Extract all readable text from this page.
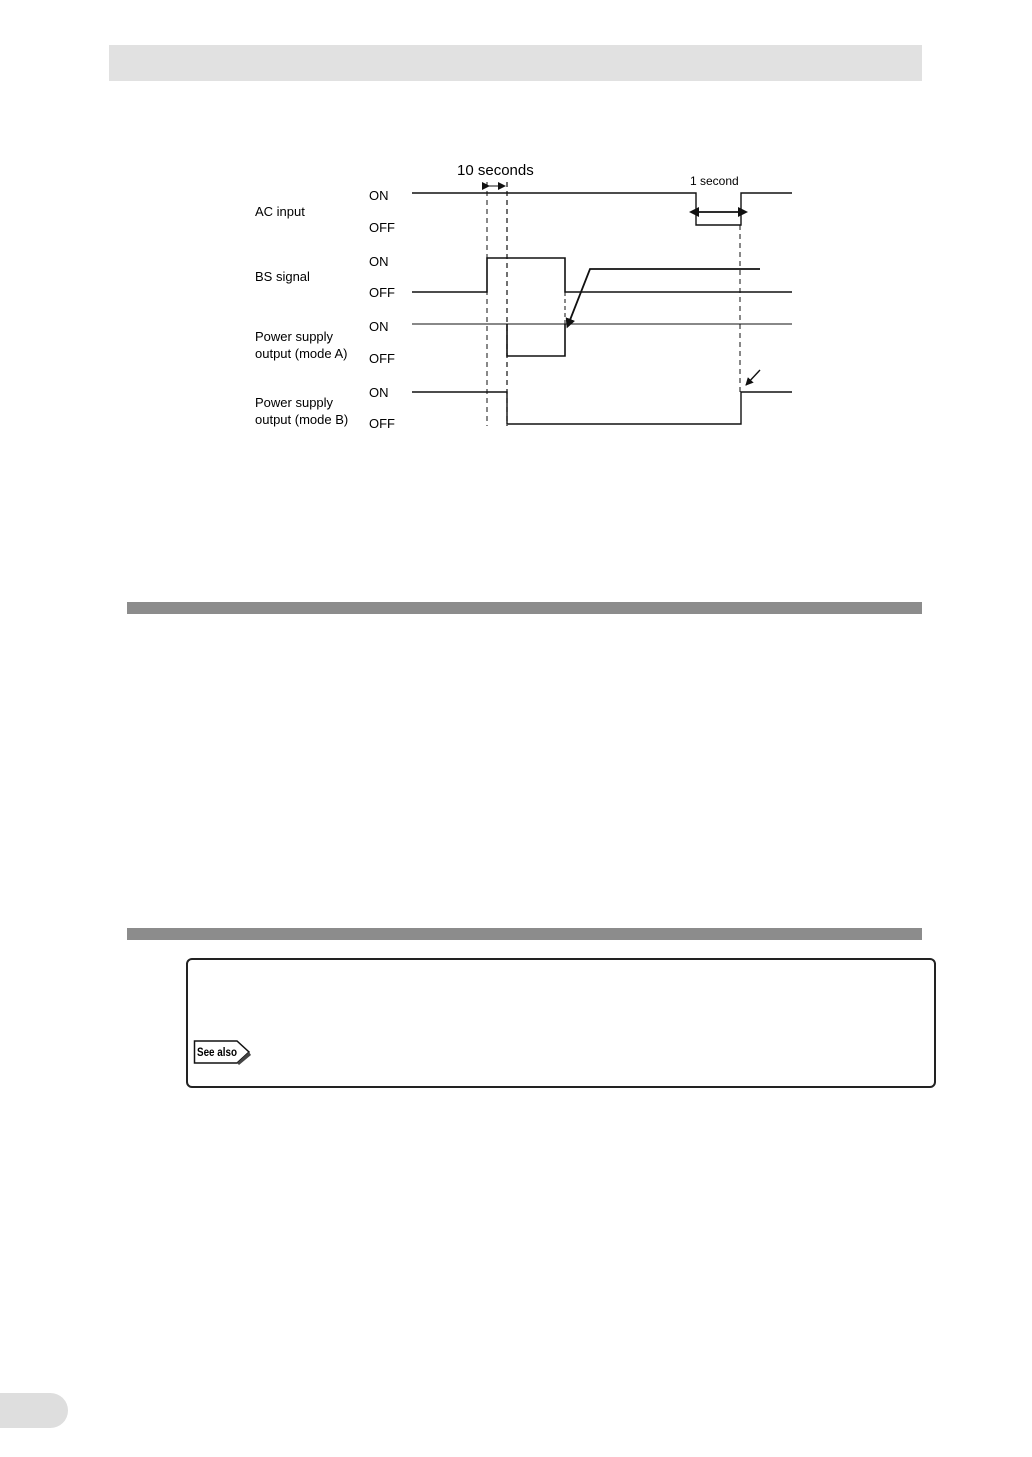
AC input
BS signal
Power supply
output (mode A)
Power supply
output (mode B)
ON
OFF
ON
OFF
ON
OFF
ON
OFF
10 seconds
1 second
See also
